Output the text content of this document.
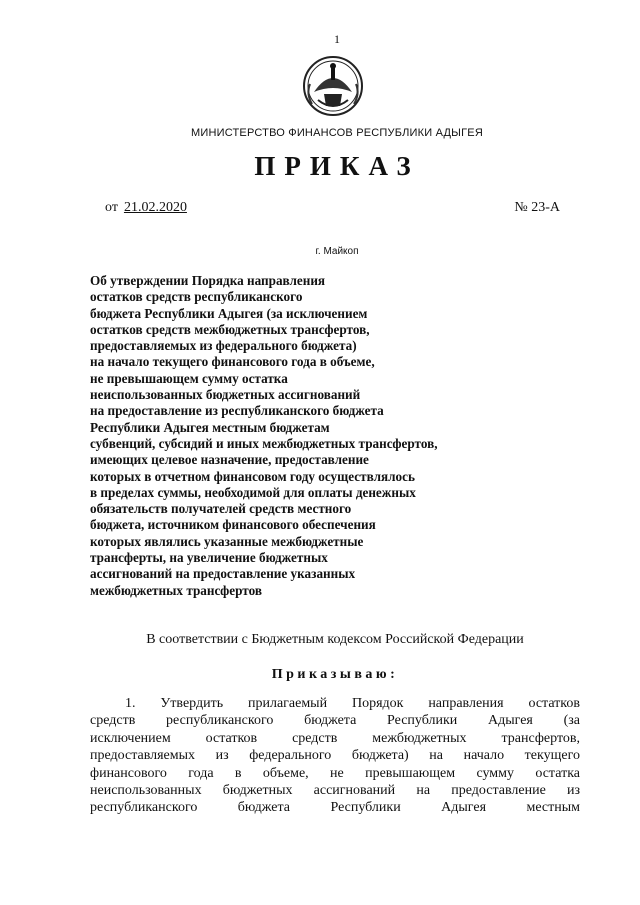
1
МИНИСТЕРСТВО ФИНАНСОВ РЕСПУБЛИКИ АДЫГЕЯ
ПРИКАЗ
от 21.02.2020	№ 23-А
г. Майкоп
Об утверждении Порядка направления
остатков средств республиканского
бюджета Республики Адыгея (за исключением
остатков средств межбюджетных трансфертов,
предоставляемых из федерального бюджета)
на начало текущего финансового года в объеме,
не превышающем сумму остатка
неиспользованных бюджетных ассигнований
на предоставление из республиканского бюджета
Республики Адыгея местным бюджетам
субвенций, субсидий и иных межбюджетных трансфертов,
имеющих целевое назначение, предоставление
которых в отчетном финансовом году осуществлялось
в пределах суммы, необходимой для оплаты денежных
обязательств получателей средств местного
бюджета, источником финансового обеспечения
которых являлись указанные межбюджетные
трансферты, на увеличение бюджетных
ассигнований на предоставление указанных
межбюджетных трансфертов
В соответствии с Бюджетным кодексом Российской Федерации
Приказываю:
1. Утвердить прилагаемый Порядок направления остатков
средств республиканского бюджета Республики Адыгея (за
исключением остатков средств межбюджетных трансфертов,
предоставляемых из федерального бюджета) на начало текущего
финансового года в объеме, не превышающем сумму остатка
неиспользованных бюджетных ассигнований на предоставление из
республиканского бюджета Республики Адыгея местным
